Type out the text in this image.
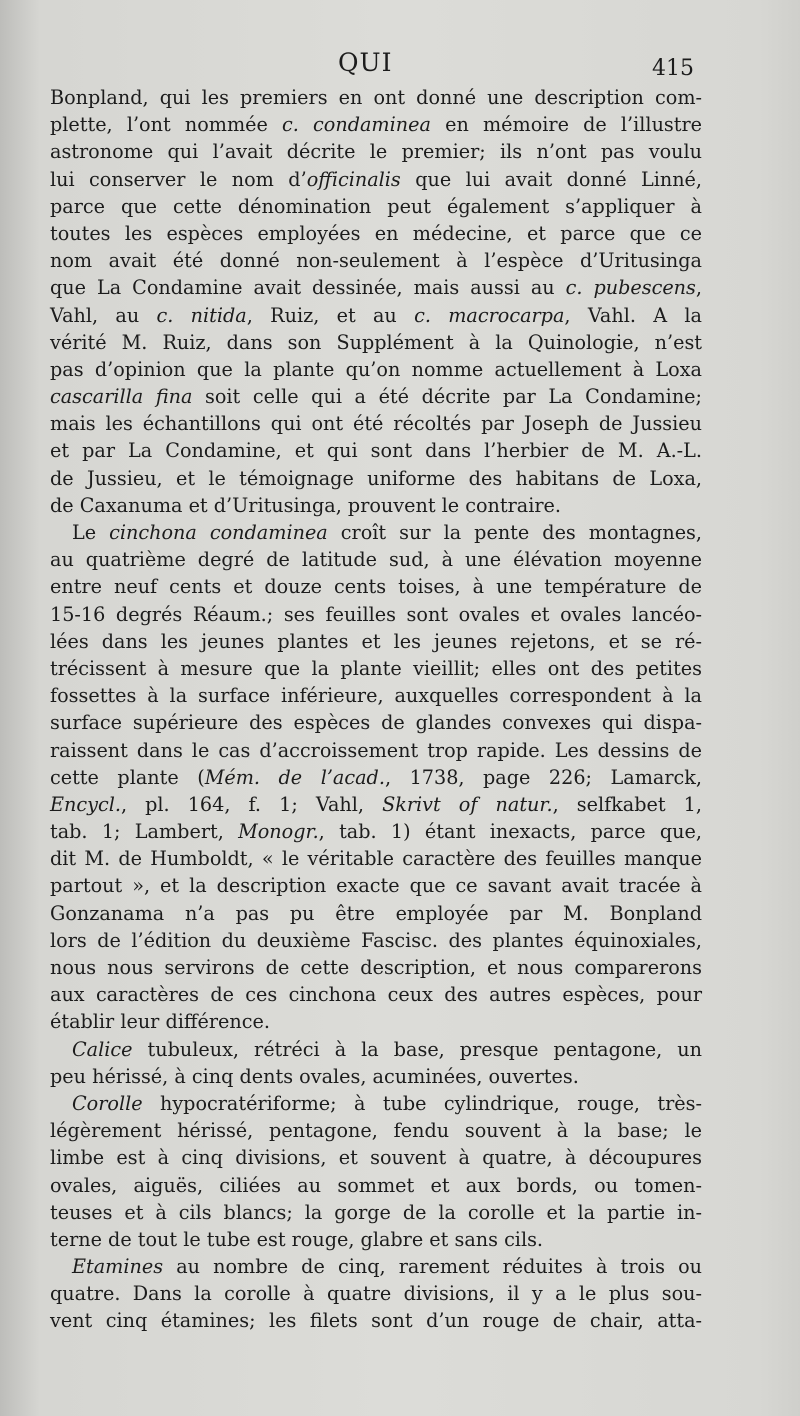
QUI	415
Bonpland, qui les premiers en ont donné une description com-
plette, l’ont nommée c. condaminea en mémoire de l’illustre
astronome qui l’avait décrite le premier; ils n’ont pas voulu
lui conserver le nom d’officinalis que lui avait donné Linné,
parce que cette dénomination peut également s’appliquer à
toutes les espèces employées en médecine, et parce que ce
nom avait été donné non-seulement à l’espèce d’Uritusinga
que La Condamine avait dessinée, mais aussi au c. pubescens,
Vahl, au c. nitida, Ruiz, et au c. macrocarpa, Vahl. A la
vérité M. Ruiz, dans son Supplément à la Quinologie, n’est
pas d’opinion que la plante qu’on nomme actuellement à Loxa
cascarilla fina soit celle qui a été décrite par La Condamine;
mais les échantillons qui ont été récoltés par Joseph de Jussieu
et par La Condamine, et qui sont dans l’herbier de M. A.-L.
de Jussieu, et le témoignage uniforme des habitans de Loxa,
de Caxanuma et d’Uritusinga, prouvent le contraire.
Le cinchona condaminea croît sur la pente des montagnes,
au quatrième degré de latitude sud, à une élévation moyenne
entre neuf cents et douze cents toises, à une température de
15-16 degrés Réaum.; ses feuilles sont ovales et ovales lancéo-
lées dans les jeunes plantes et les jeunes rejetons, et se ré-
trécissent à mesure que la plante vieillit; elles ont des petites
fossettes à la surface inférieure, auxquelles correspondent à la
surface supérieure des espèces de glandes convexes qui dispa-
raissent dans le cas d’accroissement trop rapide. Les dessins de
cette plante (Mém. de l’acad., 1738, page 226; Lamarck,
Encycl., pl. 164, f. 1; Vahl, Skrivt of natur., selfkabet 1,
tab. 1; Lambert, Monogr., tab. 1) étant inexacts, parce que,
dit M. de Humboldt, « le véritable caractère des feuilles manque
partout », et la description exacte que ce savant avait tracée à
Gonzanama n’a pas pu être employée par M. Bonpland
lors de l’édition du deuxième Fascisc. des plantes équinoxiales,
nous nous servirons de cette description, et nous comparerons
aux caractères de ces cinchona ceux des autres espèces, pour
établir leur différence.
Calice tubuleux, rétréci à la base, presque pentagone, un
peu hérissé, à cinq dents ovales, acuminées, ouvertes.
Corolle hypocratériforme; à tube cylindrique, rouge, très-
légèrement hérissé, pentagone, fendu souvent à la base; le
limbe est à cinq divisions, et souvent à quatre, à découpures
ovales, aiguës, ciliées au sommet et aux bords, ou tomen-
teuses et à cils blancs; la gorge de la corolle et la partie in-
terne de tout le tube est rouge, glabre et sans cils.
Etamines au nombre de cinq, rarement réduites à trois ou
quatre. Dans la corolle à quatre divisions, il y a le plus sou-
vent cinq étamines; les filets sont d’un rouge de chair, atta-
